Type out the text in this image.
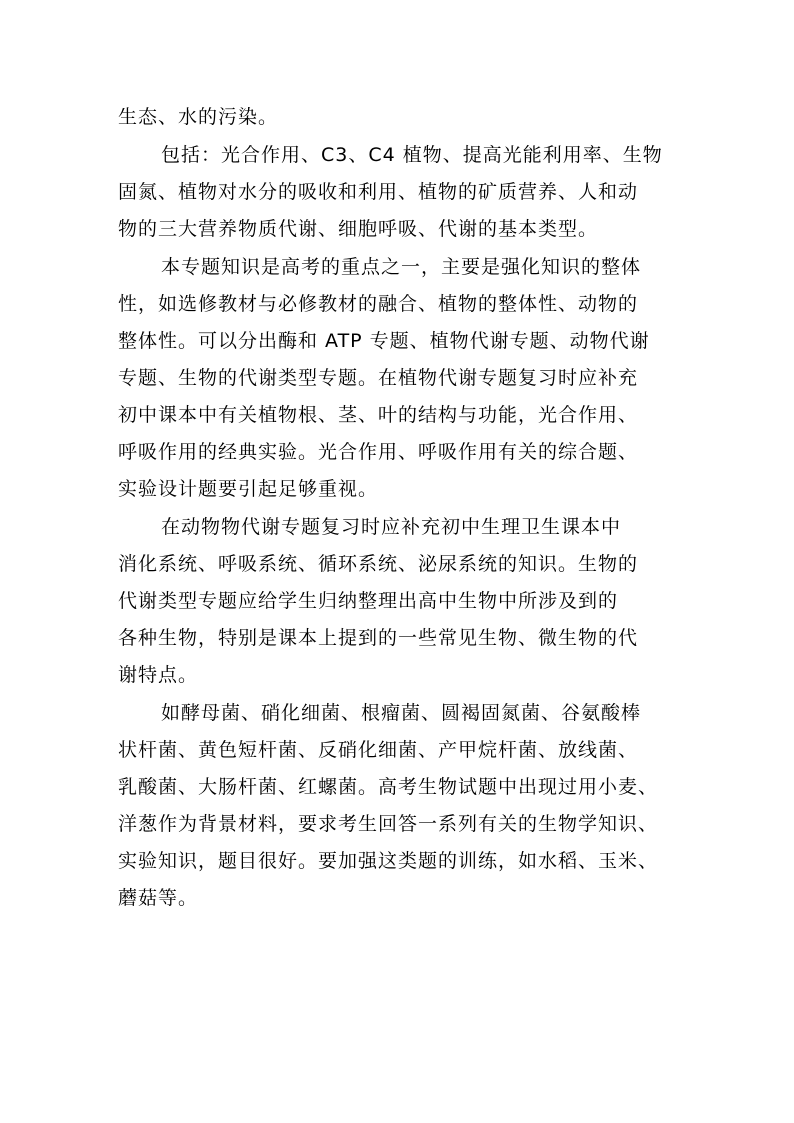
生态、水的污染。
包括：光合作用、C3、C4 植物、提高光能利用率、生物
固氮、植物对水分的吸收和利用、植物的矿质营养、人和动
物的三大营养物质代谢、细胞呼吸、代谢的基本类型。
本专题知识是高考的重点之一，主要是强化知识的整体
性，如选修教材与必修教材的融合、植物的整体性、动物的
整体性。可以分出酶和 ATP 专题、植物代谢专题、动物代谢
专题、生物的代谢类型专题。在植物代谢专题复习时应补充
初中课本中有关植物根、茎、叶的结构与功能，光合作用、
呼吸作用的经典实验。光合作用、呼吸作用有关的综合题、
实验设计题要引起足够重视。
在动物物代谢专题复习时应补充初中生理卫生课本中
消化系统、呼吸系统、循环系统、泌尿系统的知识。生物的
代谢类型专题应给学生归纳整理出高中生物中所涉及到的
各种生物，特别是课本上提到的一些常见生物、微生物的代
谢特点。
如酵母菌、硝化细菌、根瘤菌、圆褐固氮菌、谷氨酸棒
状杆菌、黄色短杆菌、反硝化细菌、产甲烷杆菌、放线菌、
乳酸菌、大肠杆菌、红螺菌。高考生物试题中出现过用小麦、
洋葱作为背景材料，要求考生回答一系列有关的生物学知识、
实验知识，题目很好。要加强这类题的训练，如水稻、玉米、
蘑菇等。
